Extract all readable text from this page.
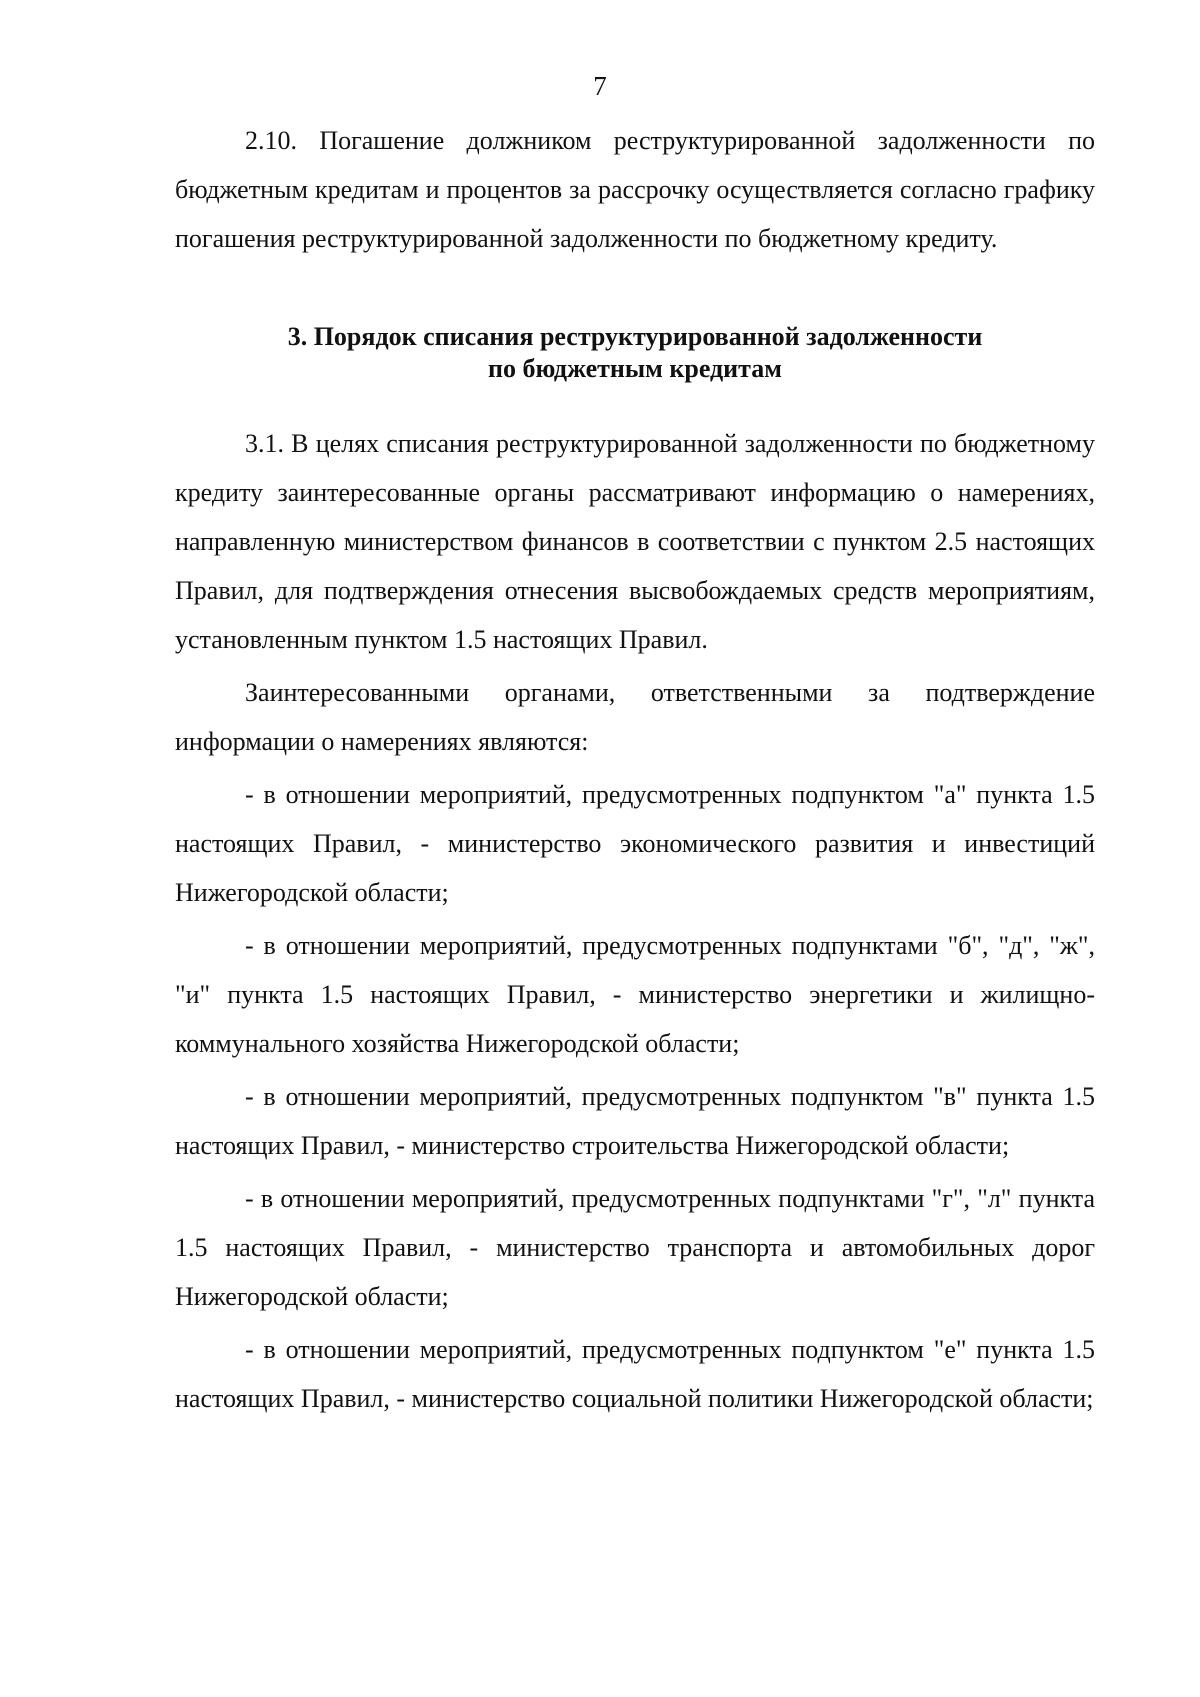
7

2.10. Погашение должником реструктурированной задолженности по бюджетным кредитам и процентов за рассрочку осуществляется согласно графику погашения реструктурированной задолженности по бюджетному кредиту.

3. Порядок списания реструктурированной задолженности
по бюджетным кредитам

3.1. В целях списания реструктурированной задолженности по бюджетному кредиту заинтересованные органы рассматривают информацию о намерениях, направленную министерством финансов в соответствии с пунктом 2.5 настоящих Правил, для подтверждения отнесения высвобождаемых средств мероприятиям, установленным пунктом 1.5 настоящих Правил.

Заинтересованными органами, ответственными за подтверждение информации о намерениях являются:

- в отношении мероприятий, предусмотренных подпунктом "а" пункта 1.5 настоящих Правил, - министерство экономического развития и инвестиций Нижегородской области;

- в отношении мероприятий, предусмотренных подпунктами "б", "д", "ж", "и" пункта 1.5 настоящих Правил, - министерство энергетики и жилищно-коммунального хозяйства Нижегородской области;

- в отношении мероприятий, предусмотренных подпунктом "в" пункта 1.5 настоящих Правил, - министерство строительства Нижегородской области;

- в отношении мероприятий, предусмотренных подпунктами "г", "л" пункта 1.5 настоящих Правил, - министерство транспорта и автомобильных дорог Нижегородской области;

- в отношении мероприятий, предусмотренных подпунктом "е" пункта 1.5 настоящих Правил, - министерство социальной политики Нижегородской области;
